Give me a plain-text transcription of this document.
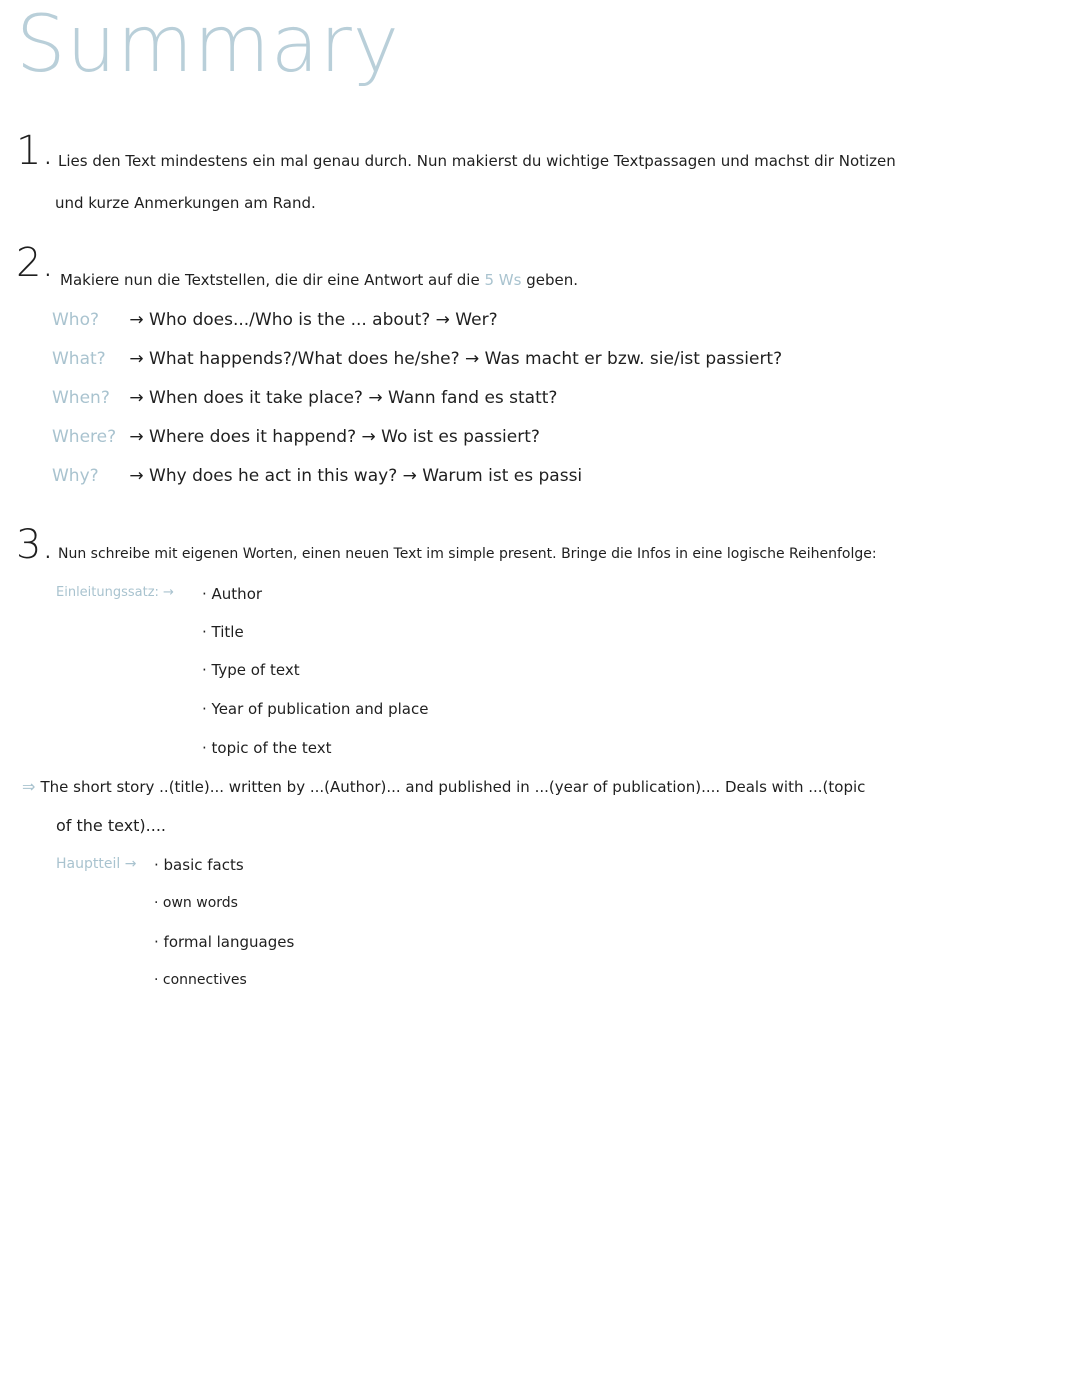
Summary
1. Lies den Text mindestens ein mal genau durch. Nun makierst du wichtige Textpassagen und machst dir Notizen
und kurze Anmerkungen am Rand.
2. Makiere nun die Textstellen, die dir eine Antwort auf die 5 Ws geben.
Who? → Who does.../Who is the ... about? → Wer?
What? → What happends?/What does he/she? → Was macht er bzw. sie/ist passiert?
When? → When does it take place? → Wann fand es statt?
Where? → Where does it happend? → Wo ist es passiert?
Why? → Why does he act in this way? → Warum ist es passi
3. Nun schreibe mit eigenen Worten, einen neuen Text im simple present. Bringe die Infos in eine logische Reihenfolge:
Einleitungssatz: → · Author
· Title
· Type of text
· Year of publication and place
· topic of the text
⇒ The short story ..(title)... written by ...(Author)... and published in ...(year of publication).... Deals with ...(topic
of the text)....
Hauptteil → · basic facts
· own words
· formal languages
· connectives
